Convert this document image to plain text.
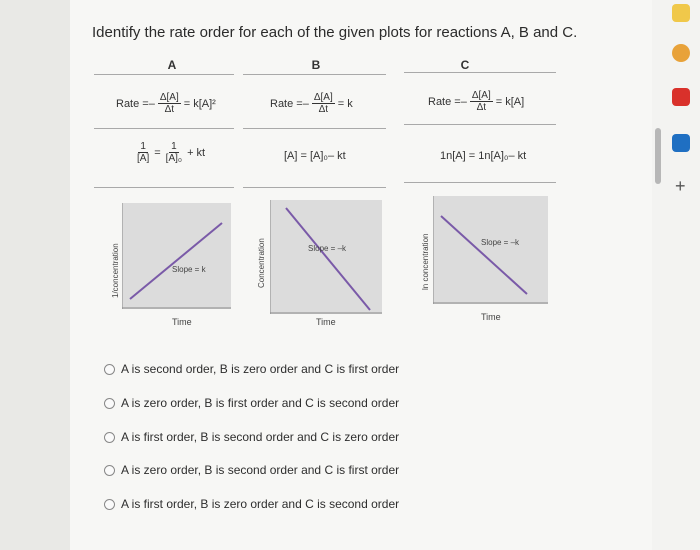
Identify the rate order for each of the given plots for reactions A, B and C.
A	B	C
Rate =– $\frac{\Delta[A]}{\Delta t} = k[A]^2$	Rate =– $\frac{\Delta[A]}{\Delta t} = k$	Rate =– $\frac{\Delta[A]}{\Delta t} = k[A]$
$\frac{1}{[A]} = \frac{1}{\text{[A]₀}}$ + kt	[A] = [A]₀– kt	1n[A] = 1n[A]₀– kt
Slope = k
1/concentration
Time
Slope = –k
Concentration
Time
Slope = –k
ln concentration
Time
A is second order, B is zero order and C is first order
A is zero order, B is first order and C is second order
A is first order, B is second order and C is zero order
A is zero order, B is second order and C is first order
A is first order, B is zero order and C is second order
+
